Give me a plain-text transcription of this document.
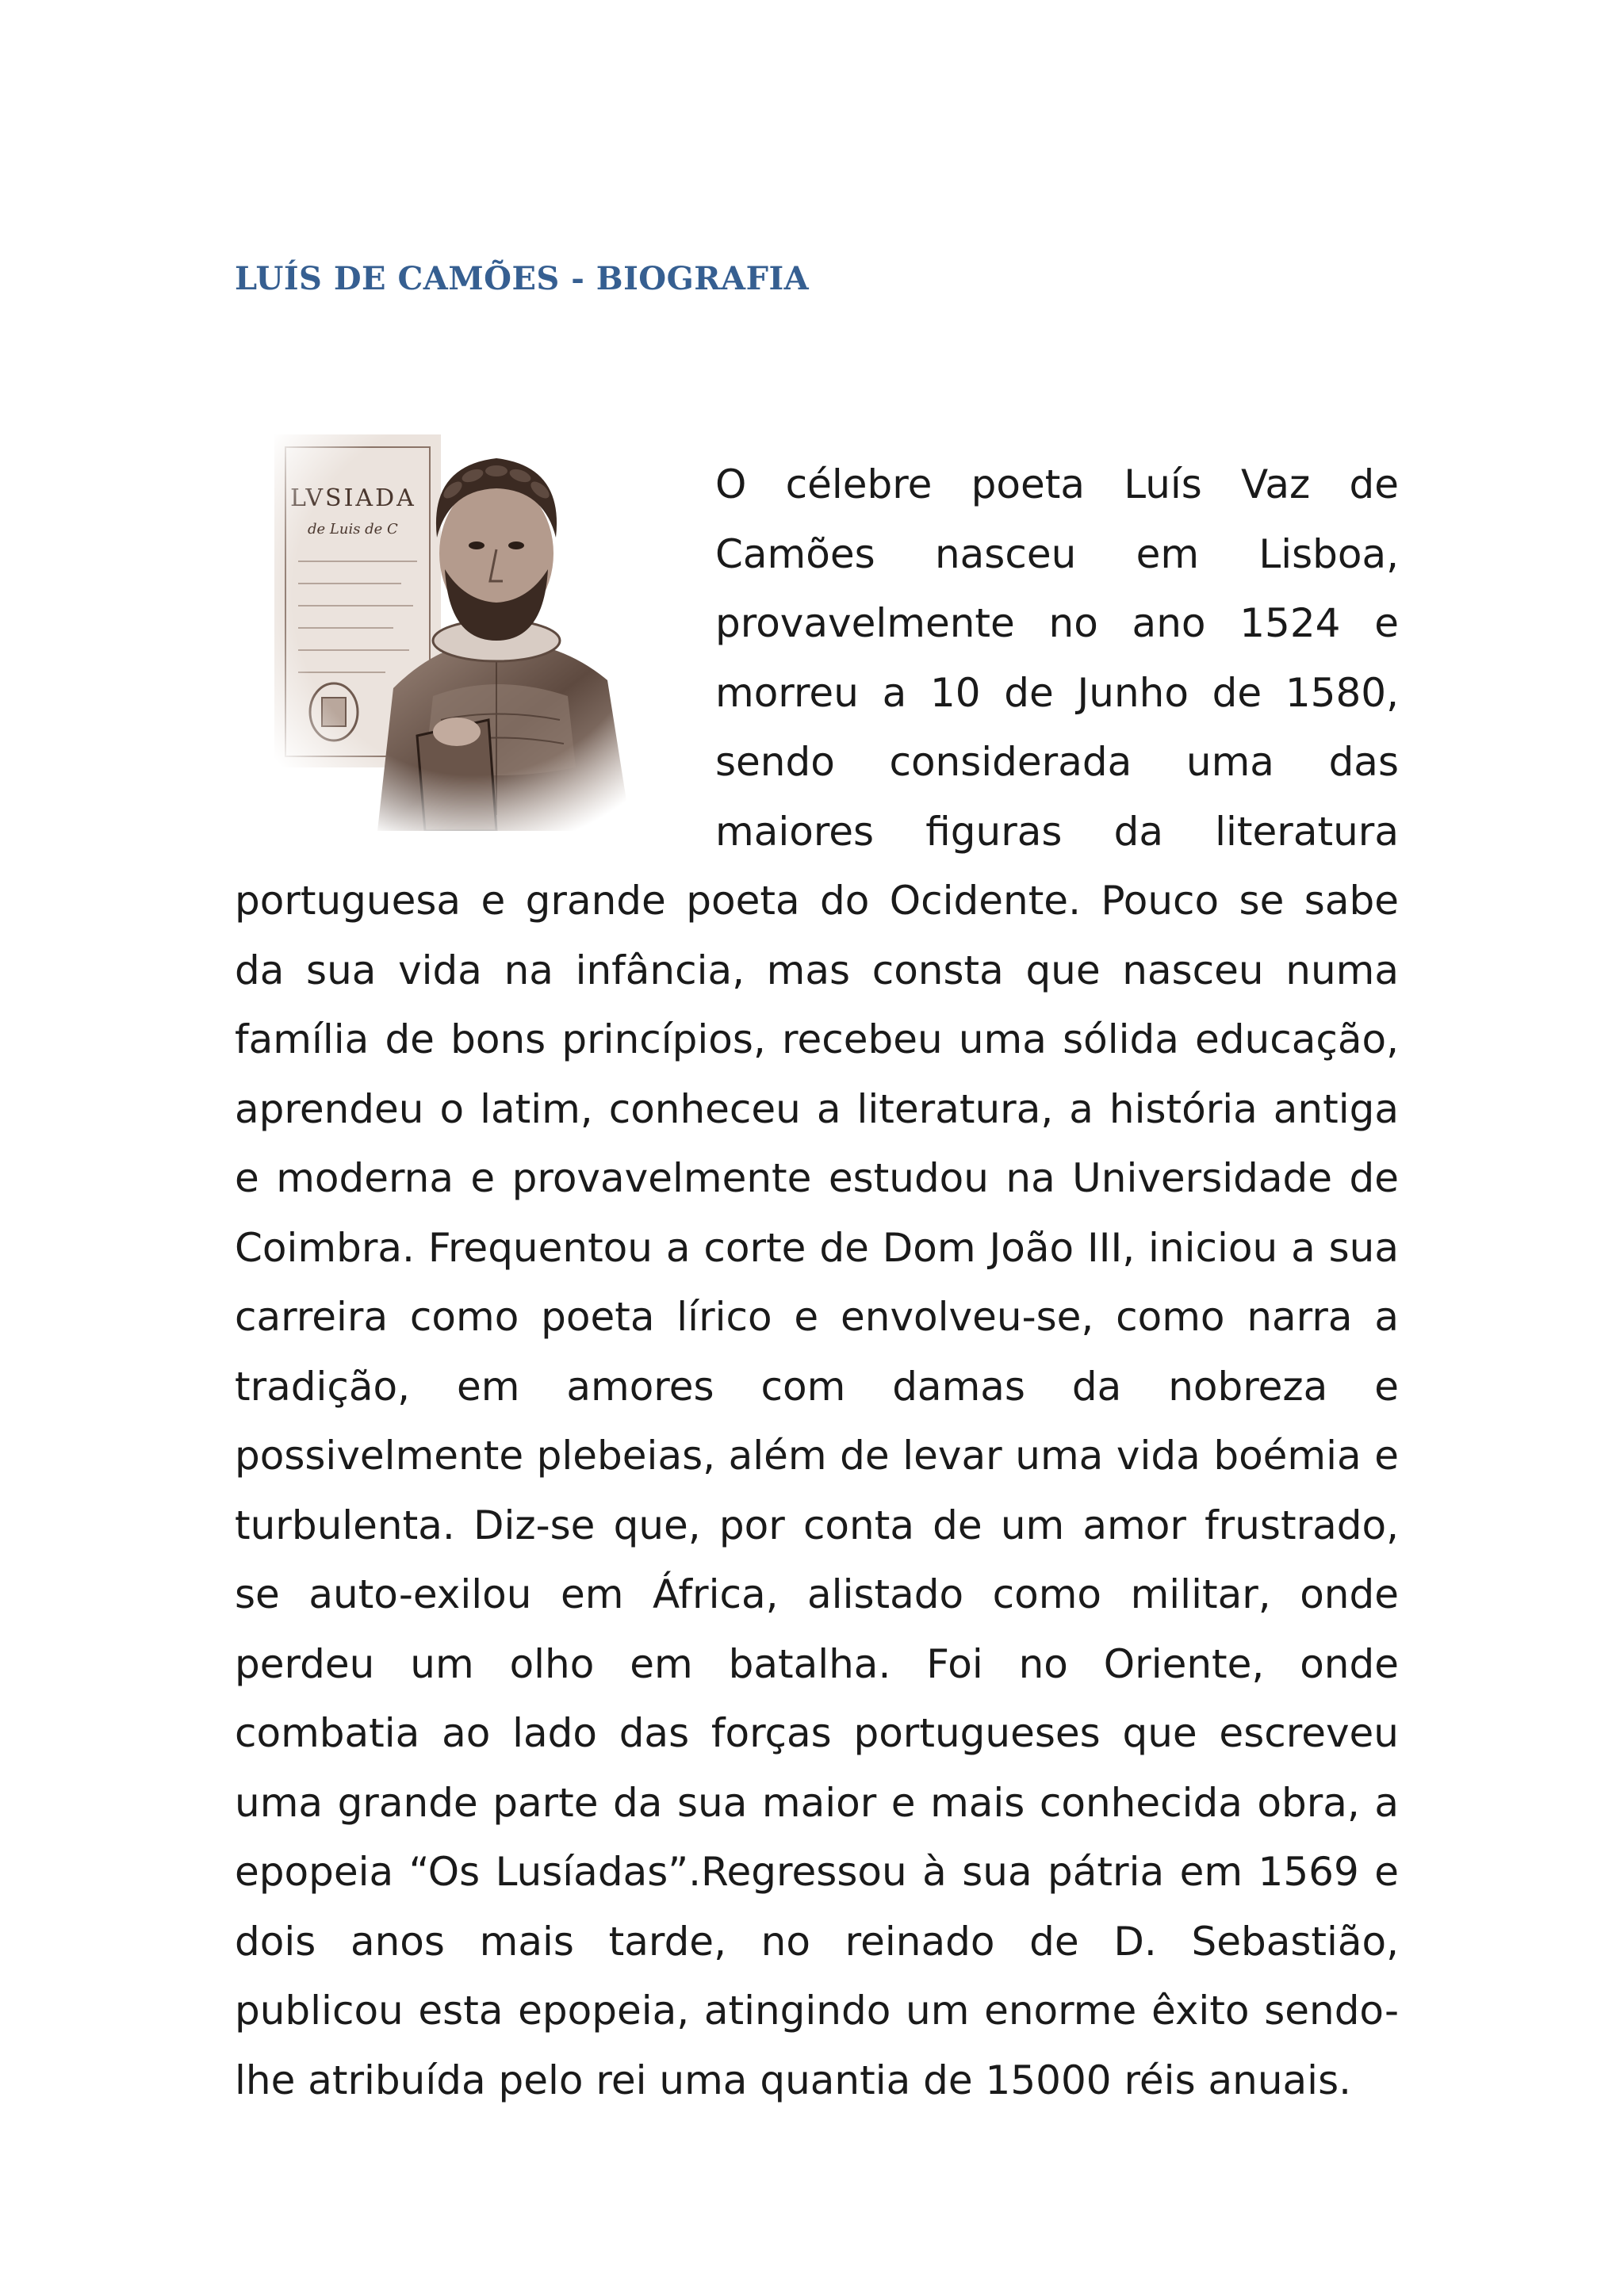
LUÍS DE CAMÕES - BIOGRAFIA

O célebre poeta Luís Vaz de Camões nasceu em Lisboa, provavelmente no ano 1524 e morreu a 10 de Junho de 1580, sendo considerada uma das maiores figuras da literatura portuguesa e grande poeta do Ocidente. Pouco se sabe da sua vida na infância, mas consta que nasceu numa família de bons princípios, recebeu uma sólida educação, aprendeu o latim, conheceu a literatura, a história antiga e moderna e provavelmente estudou na Universidade de Coimbra. Frequentou a corte de Dom João III, iniciou a sua carreira como poeta lírico e envolveu-se, como narra a tradição, em amores com damas da nobreza e possivelmente plebeias, além de levar uma vida boémia e turbulenta. Diz-se que, por conta de um amor frustrado, se auto-exilou em África, alistado como militar, onde perdeu um olho em batalha. Foi no Oriente, onde combatia ao lado das forças portugueses que escreveu uma grande parte da sua maior e mais conhecida obra, a epopeia “Os Lusíadas”.Regressou à sua pátria em 1569 e dois anos mais tarde, no reinado de D. Sebastião, publicou esta epopeia, atingindo um enorme êxito sendo-lhe atribuída pelo rei uma quantia de 15000 réis anuais.
